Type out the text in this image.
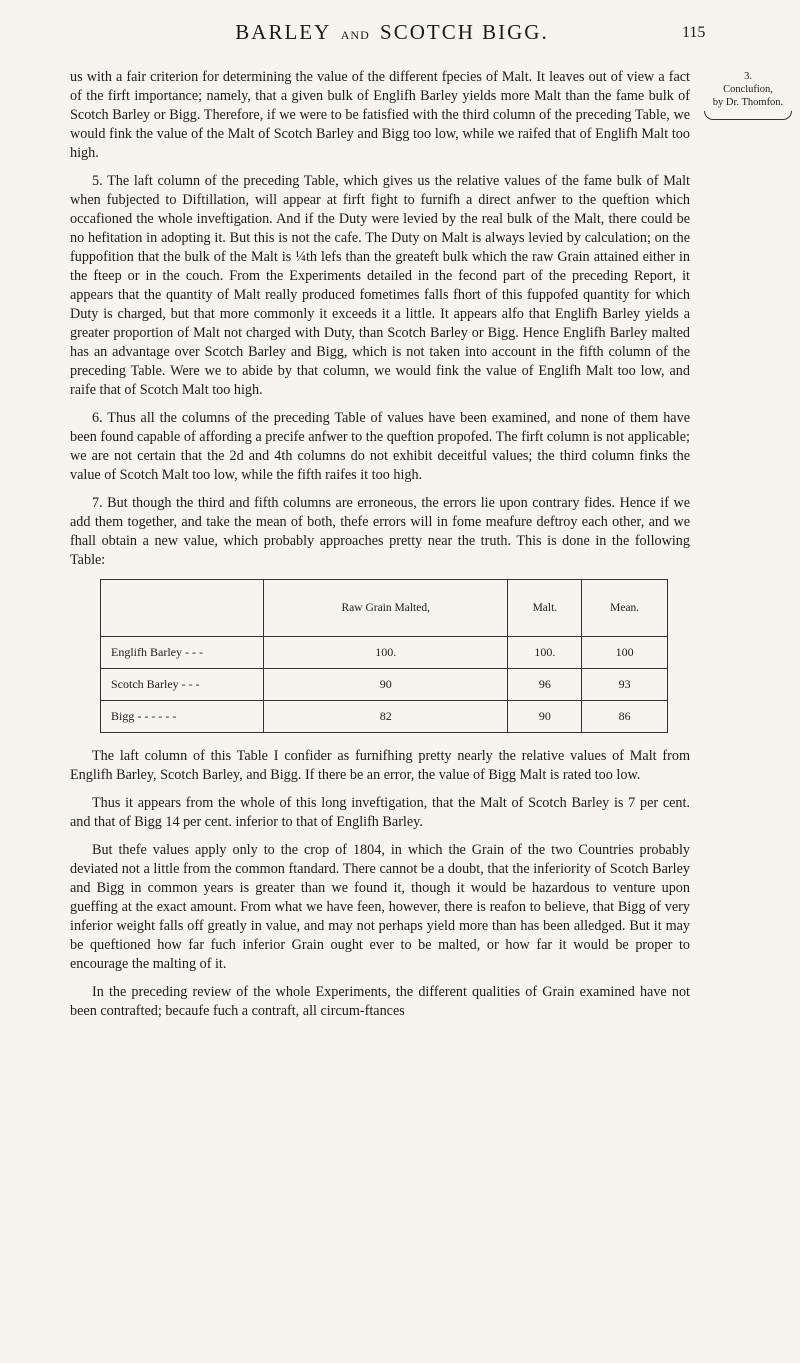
BARLEY AND SCOTCH BIGG.	115
3.
Conclufion,
by Dr. Thomfon.

us with a fair criterion for determining the value of the different fpecies of Malt. It leaves out of view a fact of the firft importance; namely, that a given bulk of Englifh Barley yields more Malt than the fame bulk of Scotch Barley or Bigg. Therefore, if we were to be fatisfied with the third column of the preceding Table, we would fink the value of the Malt of Scotch Barley and Bigg too low, while we raifed that of Englifh Malt too high.

5. The laft column of the preceding Table, which gives us the relative values of the fame bulk of Malt when fubjected to Diftillation, will appear at firft fight to furnifh a direct anfwer to the queftion which occafioned the whole inveftigation. And if the Duty were levied by the real bulk of the Malt, there could be no hefitation in adopting it. But this is not the cafe. The Duty on Malt is always levied by calculation; on the fuppofition that the bulk of the Malt is ¼th lefs than the greateft bulk which the raw Grain attained either in the fteep or in the couch. From the Experiments detailed in the fecond part of the preceding Report, it appears that the quantity of Malt really produced fometimes falls fhort of this fuppofed quantity for which Duty is charged, but that more commonly it exceeds it a little. It appears alfo that Englifh Barley yields a greater proportion of Malt not charged with Duty, than Scotch Barley or Bigg. Hence Englifh Barley malted has an advantage over Scotch Barley and Bigg, which is not taken into account in the fifth column of the preceding Table. Were we to abide by that column, we would fink the value of Englifh Malt too low, and raife that of Scotch Malt too high.

6. Thus all the columns of the preceding Table of values have been examined, and none of them have been found capable of affording a precife anfwer to the queftion propofed. The firft column is not applicable; we are not certain that the 2d and 4th columns do not exhibit deceitful values; the third column finks the value of Scotch Malt too low, while the fifth raifes it too high.

7. But though the third and fifth columns are erroneous, the errors lie upon contrary fides. Hence if we add them together, and take the mean of both, thefe errors will in fome meafure deftroy each other, and we fhall obtain a new value, which probably approaches pretty near the truth. This is done in the following Table:

	Raw Grain Malted,	Malt.	Mean.
Englifh Barley - - -	100.	100.	100
Scotch Barley - - -	90	96	93
Bigg - - - - - -	82	90	86

The laft column of this Table I confider as furnifhing pretty nearly the relative values of Malt from Englifh Barley, Scotch Barley, and Bigg. If there be an error, the value of Bigg Malt is rated too low.

Thus it appears from the whole of this long inveftigation, that the Malt of Scotch Barley is 7 per cent. and that of Bigg 14 per cent. inferior to that of Englifh Barley.

But thefe values apply only to the crop of 1804, in which the Grain of the two Countries probably deviated not a little from the common ftandard. There cannot be a doubt, that the inferiority of Scotch Barley and Bigg in common years is greater than we found it, though it would be hazardous to venture upon gueffing at the exact amount. From what we have feen, however, there is reafon to believe, that Bigg of very inferior weight falls off greatly in value, and may not perhaps yield more than has been alledged. But it may be queftioned how far fuch inferior Grain ought ever to be malted, or how far it would be proper to encourage the malting of it.

In the preceding review of the whole Experiments, the different qualities of Grain examined have not been contrafted; becaufe fuch a contraft, all circum-ftances
